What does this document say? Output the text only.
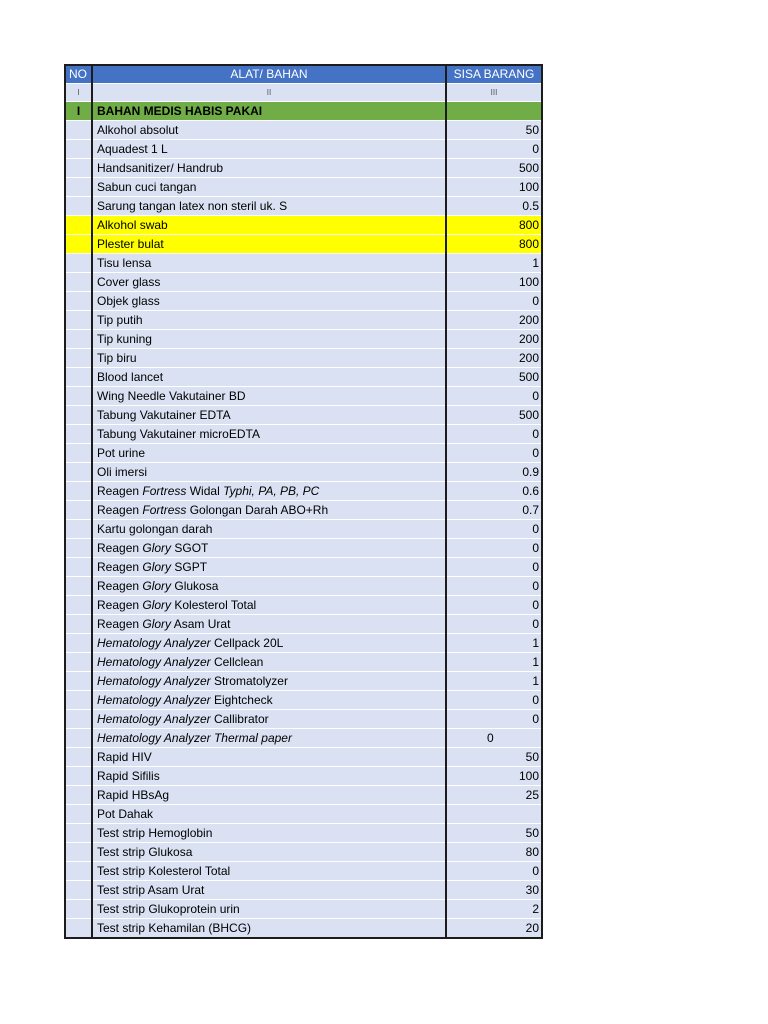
NO	ALAT/ BAHAN	SISA BARANG
I	II	III
I	BAHAN MEDIS HABIS PAKAI	
	Alkohol absolut	50
	Aquadest 1 L	0
	Handsanitizer/ Handrub	500
	Sabun cuci tangan	100
	Sarung tangan latex non steril uk. S	0.5
	Alkohol swab	800
	Plester bulat	800
	Tisu lensa	1
	Cover glass	100
	Objek glass	0
	Tip putih	200
	Tip kuning	200
	Tip biru	200
	Blood lancet	500
	Wing Needle Vakutainer BD	0
	Tabung Vakutainer EDTA	500
	Tabung Vakutainer microEDTA	0
	Pot urine	0
	Oli imersi	0.9
	Reagen Fortress Widal Typhi, PA, PB, PC	0.6
	Reagen Fortress Golongan Darah ABO+Rh	0.7
	Kartu golongan darah	0
	Reagen Glory SGOT	0
	Reagen Glory SGPT	0
	Reagen Glory Glukosa	0
	Reagen Glory Kolesterol Total	0
	Reagen Glory Asam Urat	0
	Hematology Analyzer Cellpack 20L	1
	Hematology Analyzer Cellclean	1
	Hematology Analyzer Stromatolyzer	1
	Hematology Analyzer Eightcheck	0
	Hematology Analyzer Callibrator	0
	Hematology Analyzer Thermal paper	0
	Rapid HIV	50
	Rapid Sifilis	100
	Rapid HBsAg	25
	Pot Dahak	
	Test strip Hemoglobin	50
	Test strip Glukosa	80
	Test strip Kolesterol Total	0
	Test strip Asam Urat	30
	Test strip Glukoprotein urin	2
	Test strip Kehamilan (BHCG)	20
